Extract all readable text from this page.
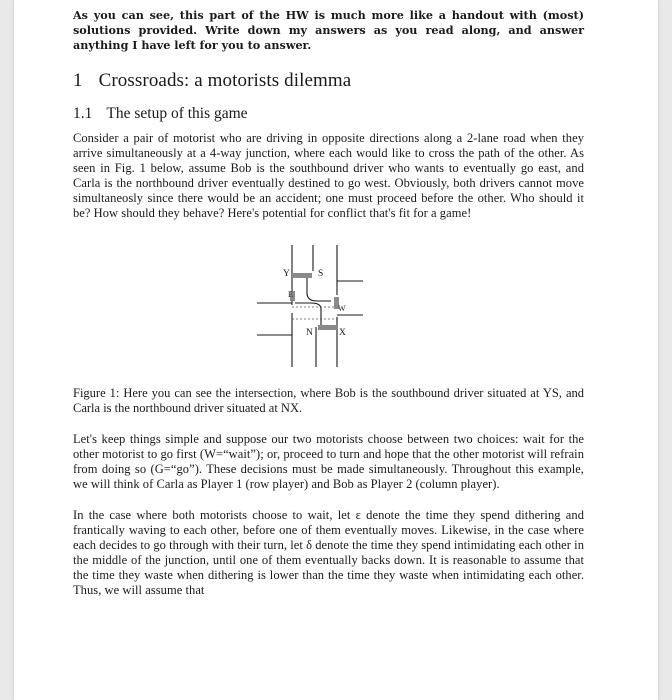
As you can see, this part of the HW is much more like a handout with (most) solutions provided. Write down my answers as you read along, and answer anything I have left for you to answer.

1 Crossroads: a motorists dilemma
1.1 The setup of this game

Consider a pair of motorist who are driving in opposite directions along a 2-lane road when they arrive simultaneously at a 4-way junction, where each would like to cross the path of the other. As seen in Fig. 1 below, assume Bob is the southbound driver who wants to eventually go east, and Carla is the northbound driver eventually destined to go west. Obviously, both drivers cannot move simultaneosly since there would be an accident; one must proceed before the other. Who should it be? How should they behave? Here's potential for conflict that's fit for a game!

Y	S
E
W
N	X

Figure 1: Here you can see the intersection, where Bob is the southbound driver situated at YS, and Carla is the northbound driver situated at NX.

Let's keep things simple and suppose our two motorists choose between two choices: wait for the other motorist to go first (W=“wait”); or, proceed to turn and hope that the other motorist will refrain from doing so (G=“go”). These decisions must be made simultaneously. Throughout this example, we will think of Carla as Player 1 (row player) and Bob as Player 2 (column player).

In the case where both motorists choose to wait, let ε denote the time they spend dithering and frantically waving to each other, before one of them eventually moves. Likewise, in the case where each decides to go through with their turn, let δ denote the time they spend intimidating each other in the middle of the junction, until one of them eventually backs down. It is reasonable to assume that the time they waste when dithering is lower than the time they waste when intimidating each other. Thus, we will assume that
